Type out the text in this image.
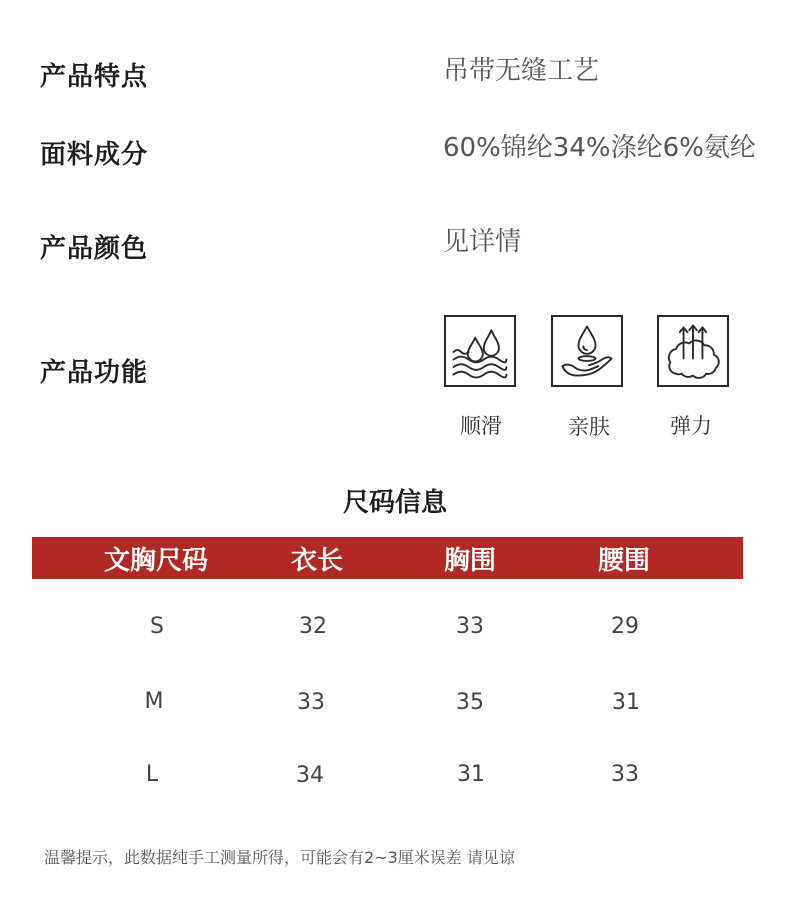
产品特点	吊带无缝工艺
面料成分	60%锦纶34%涤纶6%氨纶
产品颜色	见详情
产品功能
顺滑	亲肤	弹力
尺码信息
文胸尺码	衣长	胸围	腰围
S	32	33	29
M	33	35	31
L	34	31	33
温馨提示，此数据纯手工测量所得，可能会有2~3厘米误差 请见谅
